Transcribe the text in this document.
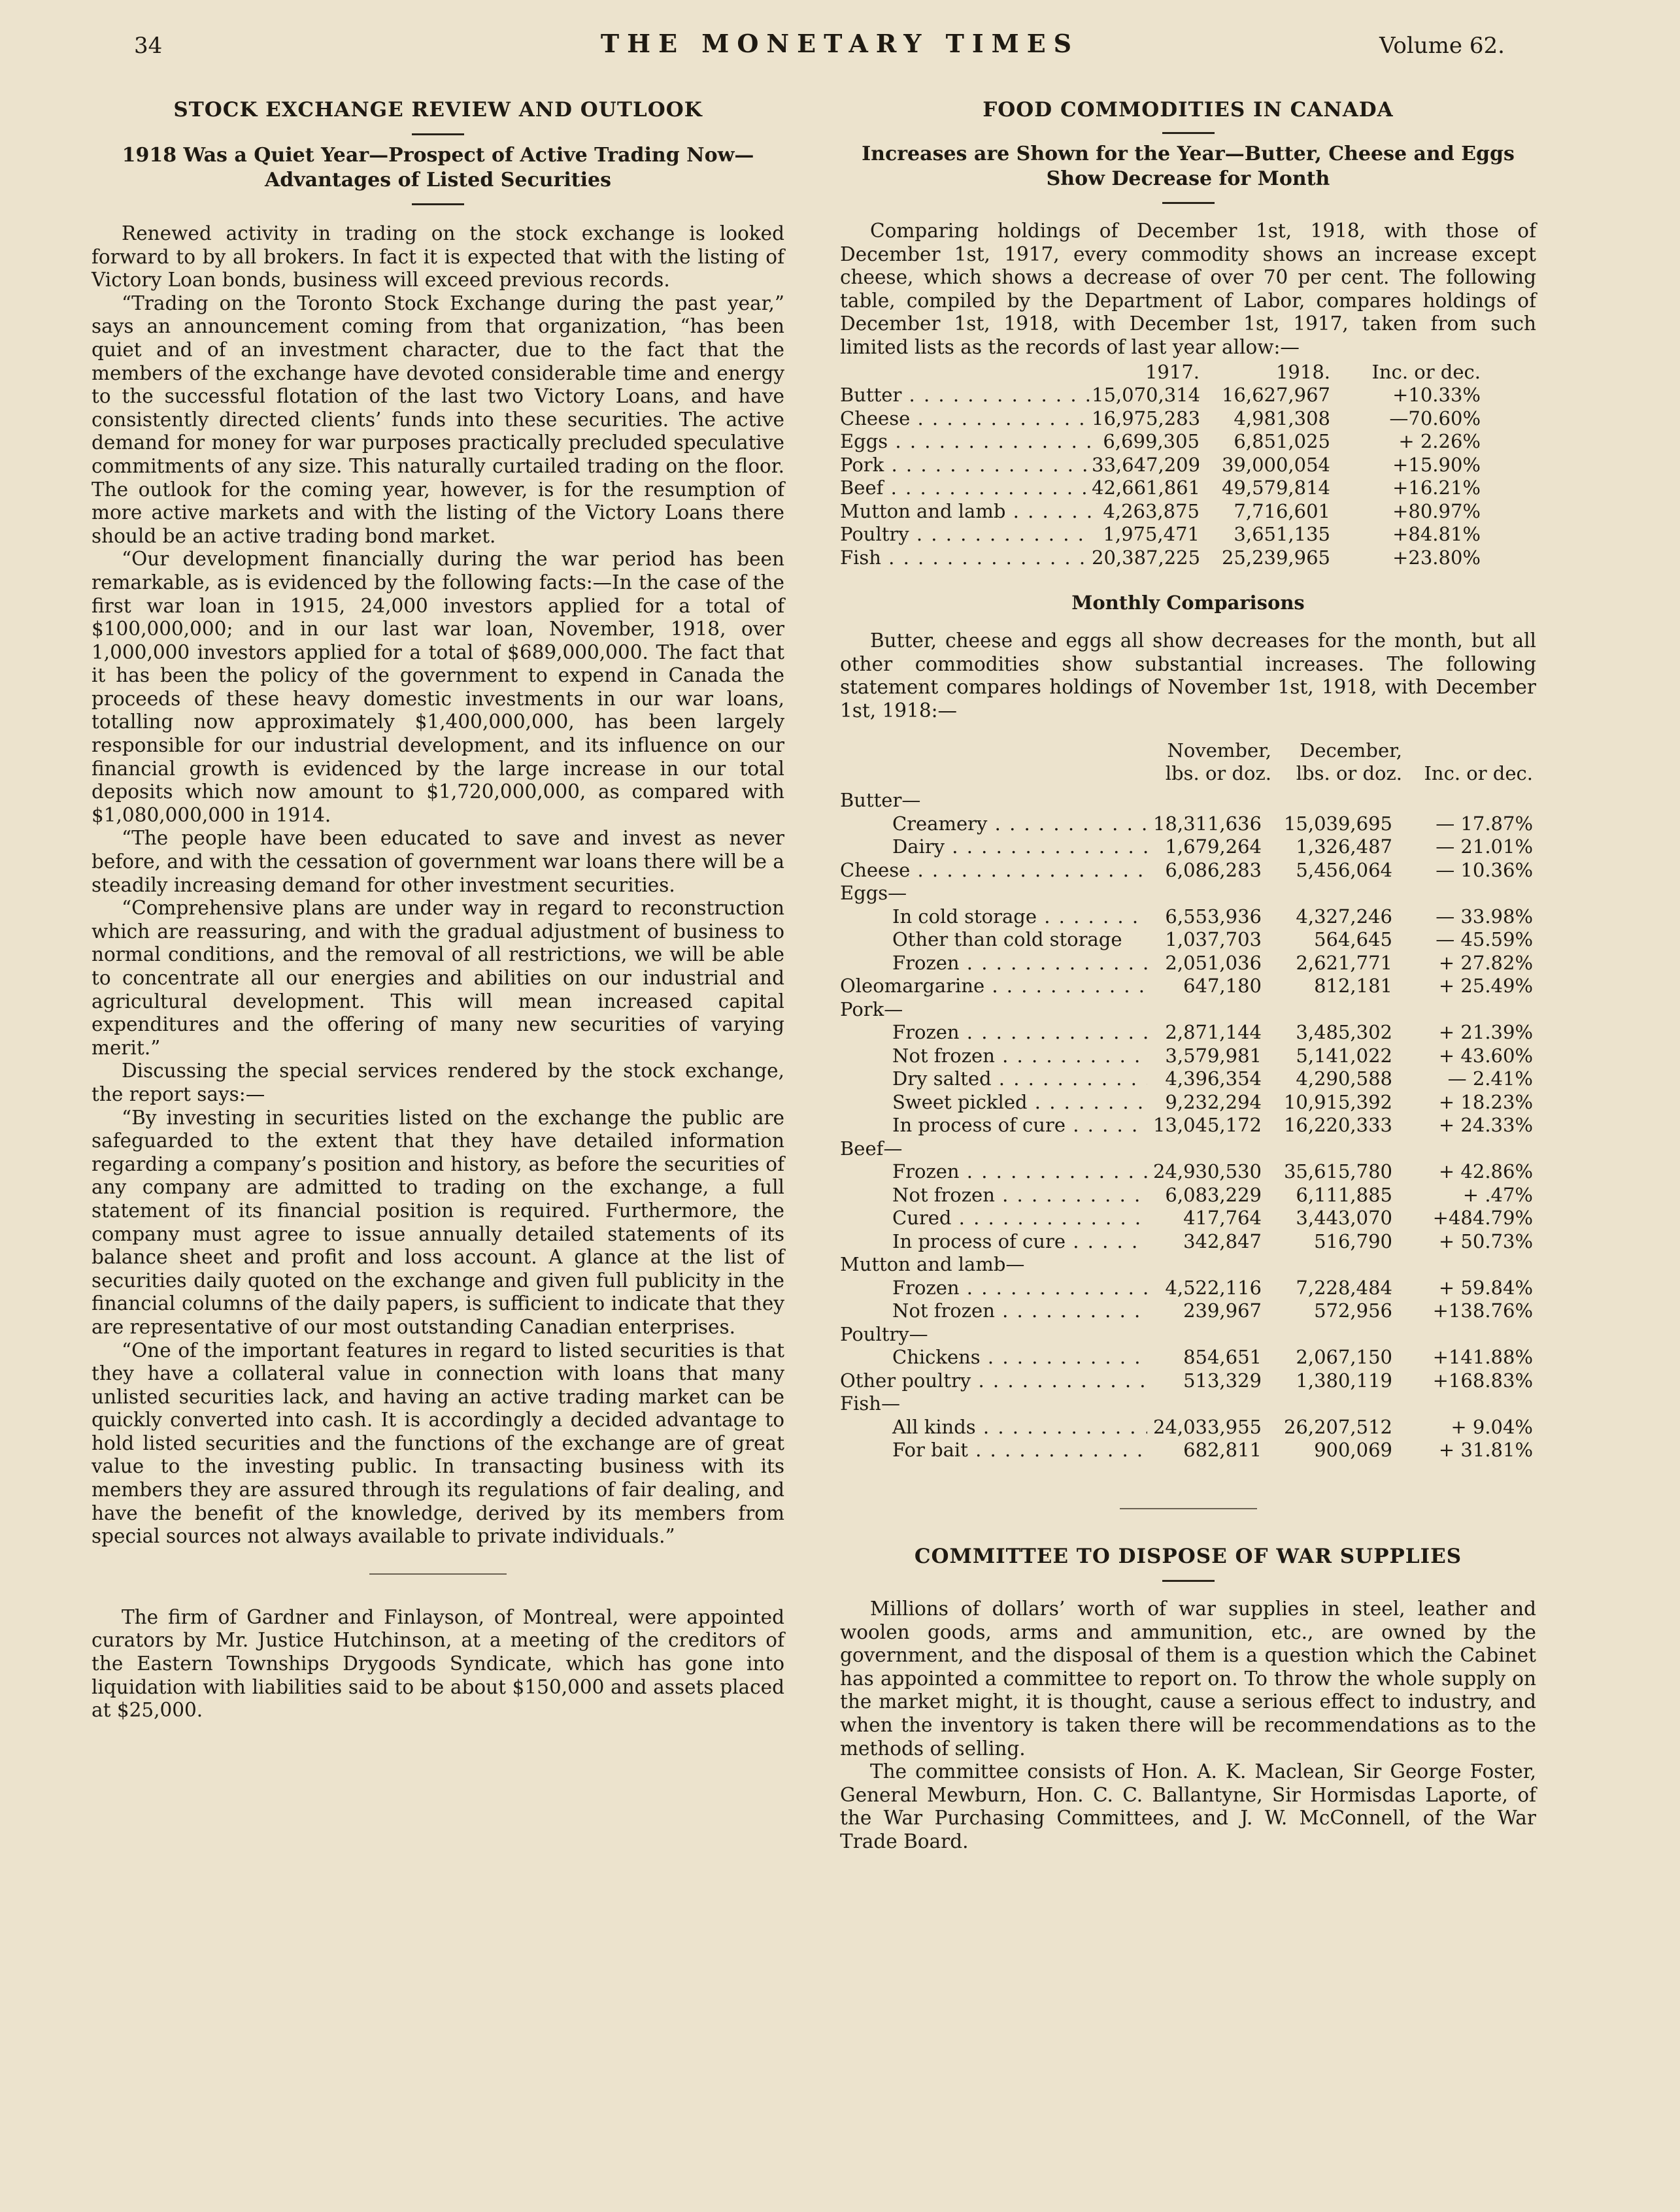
34	THE MONETARY TIMES	Volume 62.
STOCK EXCHANGE REVIEW AND OUTLOOK

1918 Was a Quiet Year—Prospect of Active Trading Now—

Advantages of Listed Securities

Renewed activity in trading on the stock exchange is looked forward to by all brokers. In fact it is expected that with the listing of Victory Loan bonds, business will exceed previous records.

“Trading on the Toronto Stock Exchange during the past year,” says an announcement coming from that organization, “has been quiet and of an investment character, due to the fact that the members of the exchange have devoted considerable time and energy to the successful flotation of the last two Victory Loans, and have consistently directed clients’ funds into these securities. The active demand for money for war purposes practically precluded speculative commitments of any size. This naturally curtailed trading on the floor. The outlook for the coming year, however, is for the resumption of more active markets and with the listing of the Victory Loans there should be an active trading bond market.

“Our development financially during the war period has been remarkable, as is evidenced by the following facts:—In the case of the first war loan in 1915, 24,000 investors applied for a total of $100,000,000; and in our last war loan, November, 1918, over 1,000,000 investors applied for a total of $689,000,000. The fact that it has been the policy of the government to expend in Canada the proceeds of these heavy domestic investments in our war loans, totalling now approximately $1,400,000,000, has been largely responsible for our industrial development, and its influence on our financial growth is evidenced by the large increase in our total deposits which now amount to $1,720,000,000, as compared with $1,080,000,000 in 1914.

“The people have been educated to save and invest as never before, and with the cessation of government war loans there will be a steadily increasing demand for other investment securities.

“Comprehensive plans are under way in regard to reconstruction which are reassuring, and with the gradual adjustment of business to normal conditions, and the removal of all restrictions, we will be able to concentrate all our energies and abilities on our industrial and agricultural development. This will mean increased capital expenditures and the offering of many new securities of varying merit.”

Discussing the special services rendered by the stock exchange, the report says:—

“By investing in securities listed on the exchange the public are safeguarded to the extent that they have detailed information regarding a company’s position and history, as before the securities of any company are admitted to trading on the exchange, a full statement of its financial position is required. Furthermore, the company must agree to issue annually detailed statements of its balance sheet and profit and loss account. A glance at the list of securities daily quoted on the exchange and given full publicity in the financial columns of the daily papers, is sufficient to indicate that they are representative of our most outstanding Canadian enterprises.

“One of the important features in regard to listed securities is that they have a collateral value in connection with loans that many unlisted securities lack, and having an active trading market can be quickly converted into cash. It is accordingly a decided advantage to hold listed securities and the functions of the exchange are of great value to the investing public. In transacting business with its members they are assured through its regulations of fair dealing, and have the benefit of the knowledge, derived by its members from special sources not always available to private individuals.”

The firm of Gardner and Finlayson, of Montreal, were appointed curators by Mr. Justice Hutchinson, at a meeting of the creditors of the Eastern Townships Drygoods Syndicate, which has gone into liquidation with liabilities said to be about $150,000 and assets placed at $25,000.

FOOD COMMODITIES IN CANADA

Increases are Shown for the Year—Butter, Cheese and Eggs

Show Decrease for Month

Comparing holdings of December 1st, 1918, with those of December 1st, 1917, every commodity shows an increase except cheese, which shows a decrease of over 70 per cent. The following table, compiled by the Department of Labor, compares holdings of December 1st, 1918, with December 1st, 1917, taken from such limited lists as the records of last year allow:—

1917.	1918.	Inc. or dec.
Butter . . .	15,070,314	16,627,967	+10.33%
Cheese . . .	16,975,283	4,981,308	—70.60%
Eggs . . .	6,699,305	6,851,025	+ 2.26%
Pork . . .	33,647,209	39,000,054	+15.90%
Beef . . .	42,661,861	49,579,814	+16.21%
Mutton and lamb . . .	4,263,875	7,716,601	+80.97%
Poultry . . .	1,975,471	3,651,135	+84.81%
Fish . . .	20,387,225	25,239,965	+23.80%
Monthly Comparisons

Butter, cheese and eggs all show decreases for the month, but all other commodities show substantial increases. The following statement compares holdings of November 1st, 1918, with December 1st, 1918:—

November,	December,
lbs. or doz.	lbs. or doz.	Inc. or dec.
Butter—
Creamery . . .	18,311,636	15,039,695	— 17.87%
Dairy . . .	1,679,264	1,326,487	— 21.01%
Cheese . . .	6,086,283	5,456,064	— 10.36%
Eggs—
In cold storage . . .	6,553,936	4,327,246	— 33.98%
Other than cold storage	1,037,703	564,645	— 45.59%
Frozen . . .	2,051,036	2,621,771	+ 27.82%
Oleomargarine . . .	647,180	812,181	+ 25.49%
Pork—
Frozen . . .	2,871,144	3,485,302	+ 21.39%
Not frozen . . .	3,579,981	5,141,022	+ 43.60%
Dry salted . . .	4,396,354	4,290,588	— 2.41%
Sweet pickled . . .	9,232,294	10,915,392	+ 18.23%
In process of cure . . .	13,045,172	16,220,333	+ 24.33%
Beef—
Frozen . . .	24,930,530	35,615,780	+ 42.86%
Not frozen . . .	6,083,229	6,111,885	+ .47%
Cured . . .	417,764	3,443,070	+484.79%
In process of cure . . .	342,847	516,790	+ 50.73%
Mutton and lamb—
Frozen . . .	4,522,116	7,228,484	+ 59.84%
Not frozen . . .	239,967	572,956	+138.76%
Poultry—
Chickens . . .	854,651	2,067,150	+141.88%
Other poultry . . .	513,329	1,380,119	+168.83%
Fish—
All kinds . . .	24,033,955	26,207,512	+ 9.04%
For bait . . .	682,811	900,069	+ 31.81%
COMMITTEE TO DISPOSE OF WAR SUPPLIES

Millions of dollars’ worth of war supplies in steel, leather and woolen goods, arms and ammunition, etc., are owned by the government, and the disposal of them is a question which the Cabinet has appointed a committee to report on. To throw the whole supply on the market might, it is thought, cause a serious effect to industry, and when the inventory is taken there will be recommendations as to the methods of selling.

The committee consists of Hon. A. K. Maclean, Sir George Foster, General Mewburn, Hon. C. C. Ballantyne, Sir Hormisdas Laporte, of the War Purchasing Committees, and J. W. McConnell, of the War Trade Board.
